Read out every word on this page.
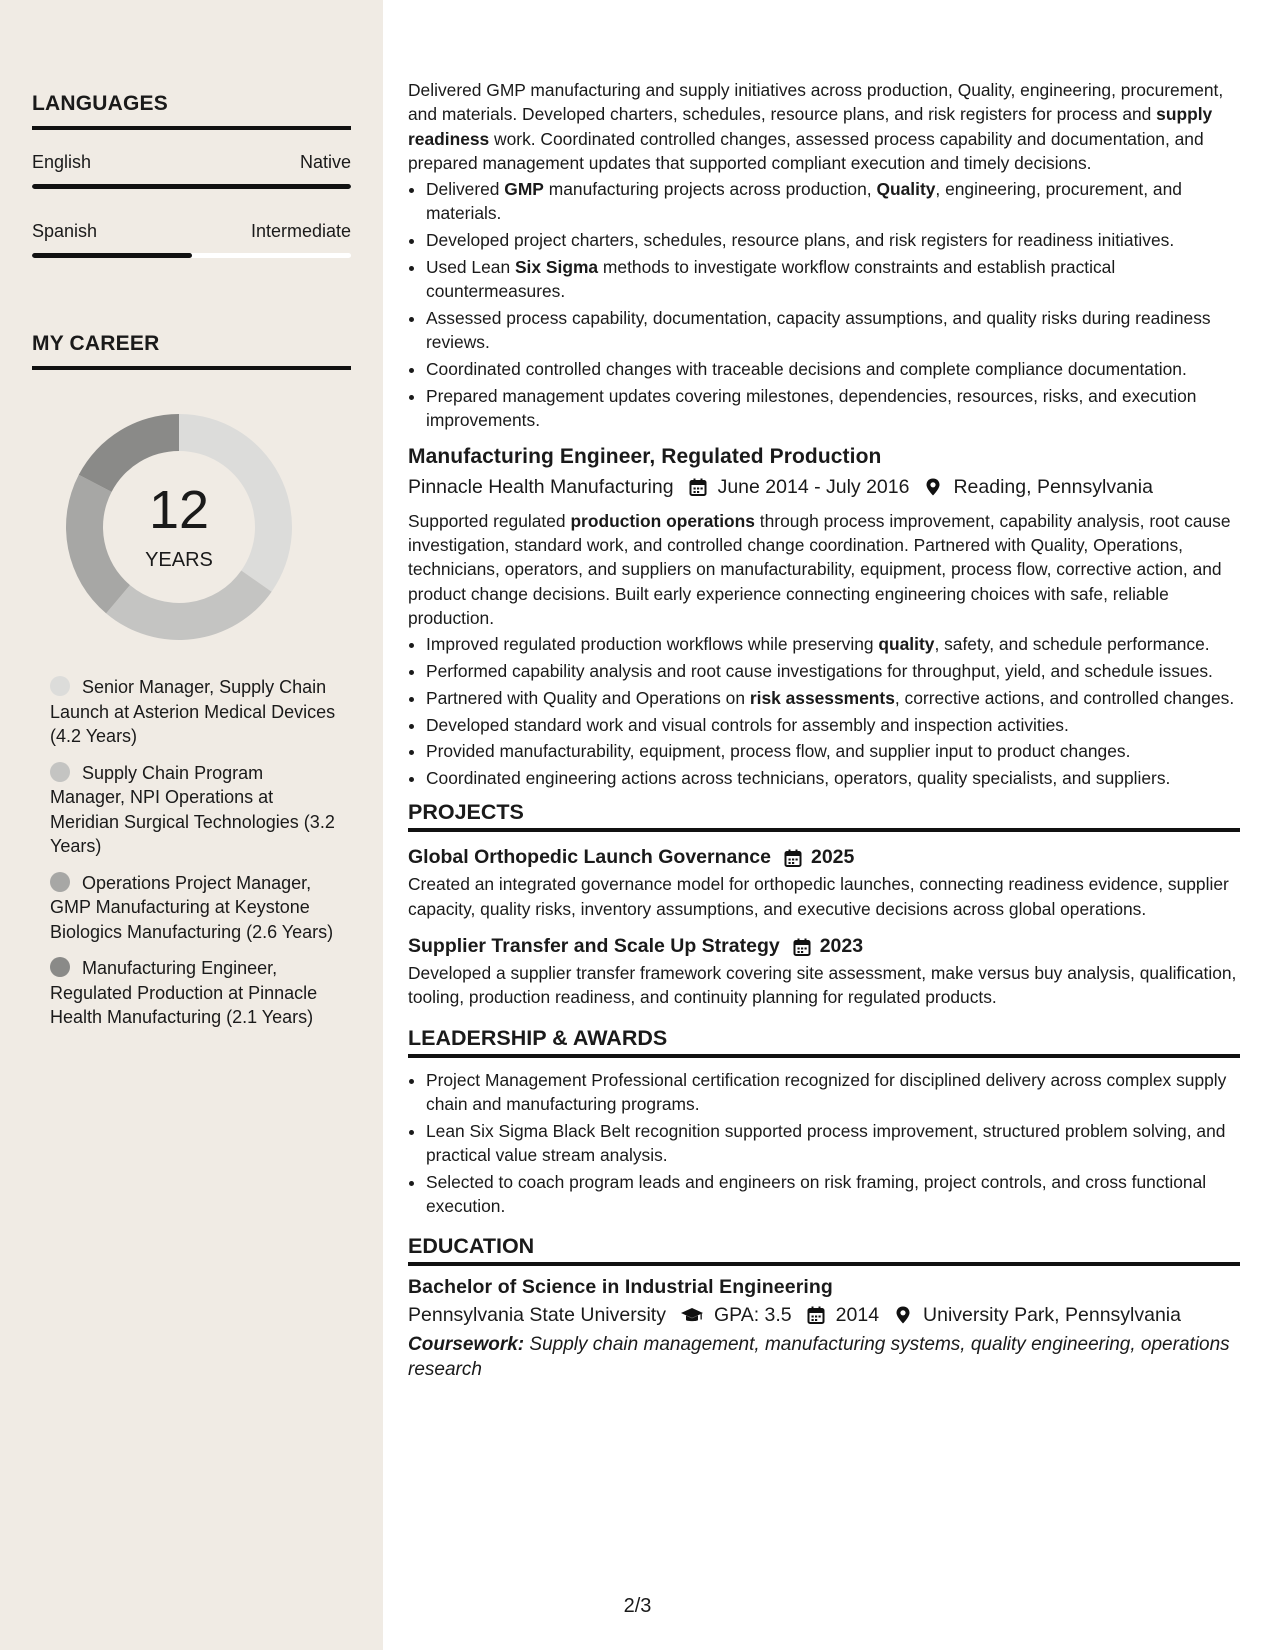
LANGUAGES
English	Native
Spanish	Intermediate
MY CAREER
12
YEARS
Senior Manager, Supply Chain Launch at Asterion Medical Devices (4.2 Years)
Supply Chain Program Manager, NPI Operations at Meridian Surgical Technologies (3.2 Years)
Operations Project Manager, GMP Manufacturing at Keystone Biologics Manufacturing (2.6 Years)
Manufacturing Engineer, Regulated Production at Pinnacle Health Manufacturing (2.1 Years)

Delivered GMP manufacturing and supply initiatives across production, Quality, engineering, procurement, and materials. Developed charters, schedules, resource plans, and risk registers for process and supply readiness work. Coordinated controlled changes, assessed process capability and documentation, and prepared management updates that supported compliant execution and timely decisions.

• Delivered GMP manufacturing projects across production, Quality, engineering, procurement, and materials.
• Developed project charters, schedules, resource plans, and risk registers for readiness initiatives.
• Used Lean Six Sigma methods to investigate workflow constraints and establish practical countermeasures.
• Assessed process capability, documentation, capacity assumptions, and quality risks during readiness reviews.
• Coordinated controlled changes with traceable decisions and complete compliance documentation.
• Prepared management updates covering milestones, dependencies, resources, risks, and execution improvements.
Manufacturing Engineer, Regulated Production
Pinnacle Health Manufacturing June 2014 - July 2016 Reading, Pennsylvania

Supported regulated production operations through process improvement, capability analysis, root cause investigation, standard work, and controlled change coordination. Partnered with Quality, Operations, technicians, operators, and suppliers on manufacturability, equipment, process flow, corrective action, and product change decisions. Built early experience connecting engineering choices with safe, reliable production.

• Improved regulated production workflows while preserving quality, safety, and schedule performance.
• Performed capability analysis and root cause investigations for throughput, yield, and schedule issues.
• Partnered with Quality and Operations on risk assessments, corrective actions, and controlled changes.
• Developed standard work and visual controls for assembly and inspection activities.
• Provided manufacturability, equipment, process flow, and supplier input to product changes.
• Coordinated engineering actions across technicians, operators, quality specialists, and suppliers.
PROJECTS
Global Orthopedic Launch Governance 2025

Created an integrated governance model for orthopedic launches, connecting readiness evidence, supplier capacity, quality risks, inventory assumptions, and executive decisions across global operations.

Supplier Transfer and Scale Up Strategy 2023

Developed a supplier transfer framework covering site assessment, make versus buy analysis, qualification, tooling, production readiness, and continuity planning for regulated products.

LEADERSHIP & AWARDS
• Project Management Professional certification recognized for disciplined delivery across complex supply chain and manufacturing programs.
• Lean Six Sigma Black Belt recognition supported process improvement, structured problem solving, and practical value stream analysis.
• Selected to coach program leads and engineers on risk framing, project controls, and cross functional execution.
EDUCATION
Bachelor of Science in Industrial Engineering
Pennsylvania State University GPA: 3.5 2014 University Park, Pennsylvania
Coursework: Supply chain management, manufacturing systems, quality engineering, operations research
2/3
